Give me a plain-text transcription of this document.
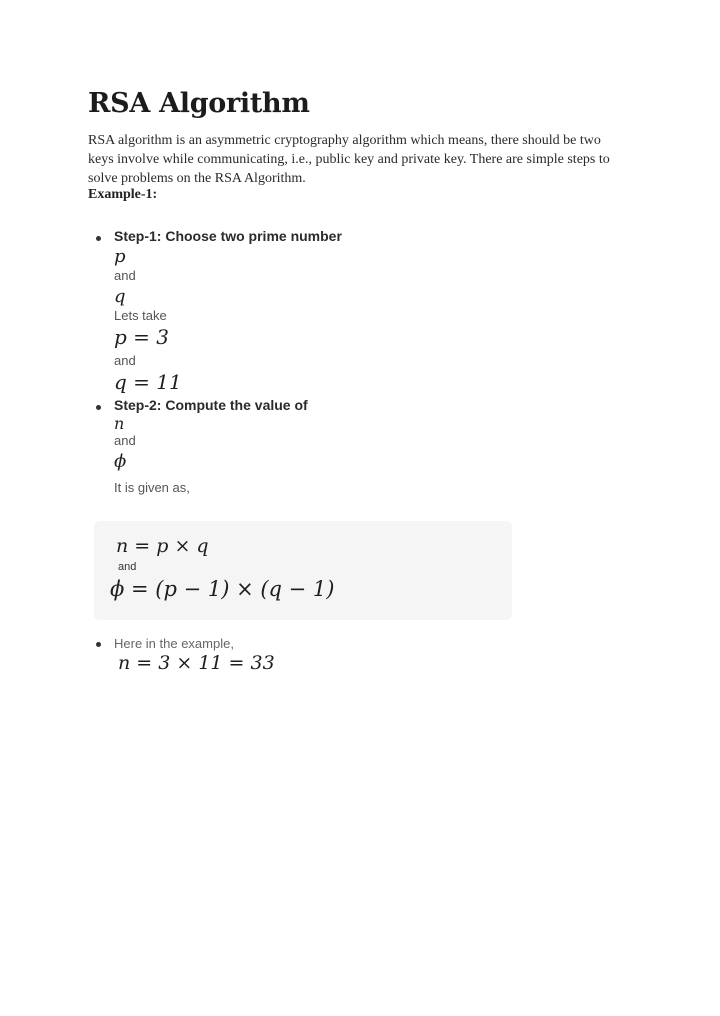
RSA Algorithm

RSA algorithm is an asymmetric cryptography algorithm which means, there should be two keys involve while communicating, i.e., public key and private key. There are simple steps to solve problems on the RSA Algorithm.

Example-1:

Step-1: Choose two prime number
p
and
q
Lets take
p = 3
and
q = 11
Step-2: Compute the value of
n
and
ϕ
It is given as,
n = p × q
and
ϕ = (p − 1) × (q − 1)
Here in the example,
n = 3 × 11 = 33
